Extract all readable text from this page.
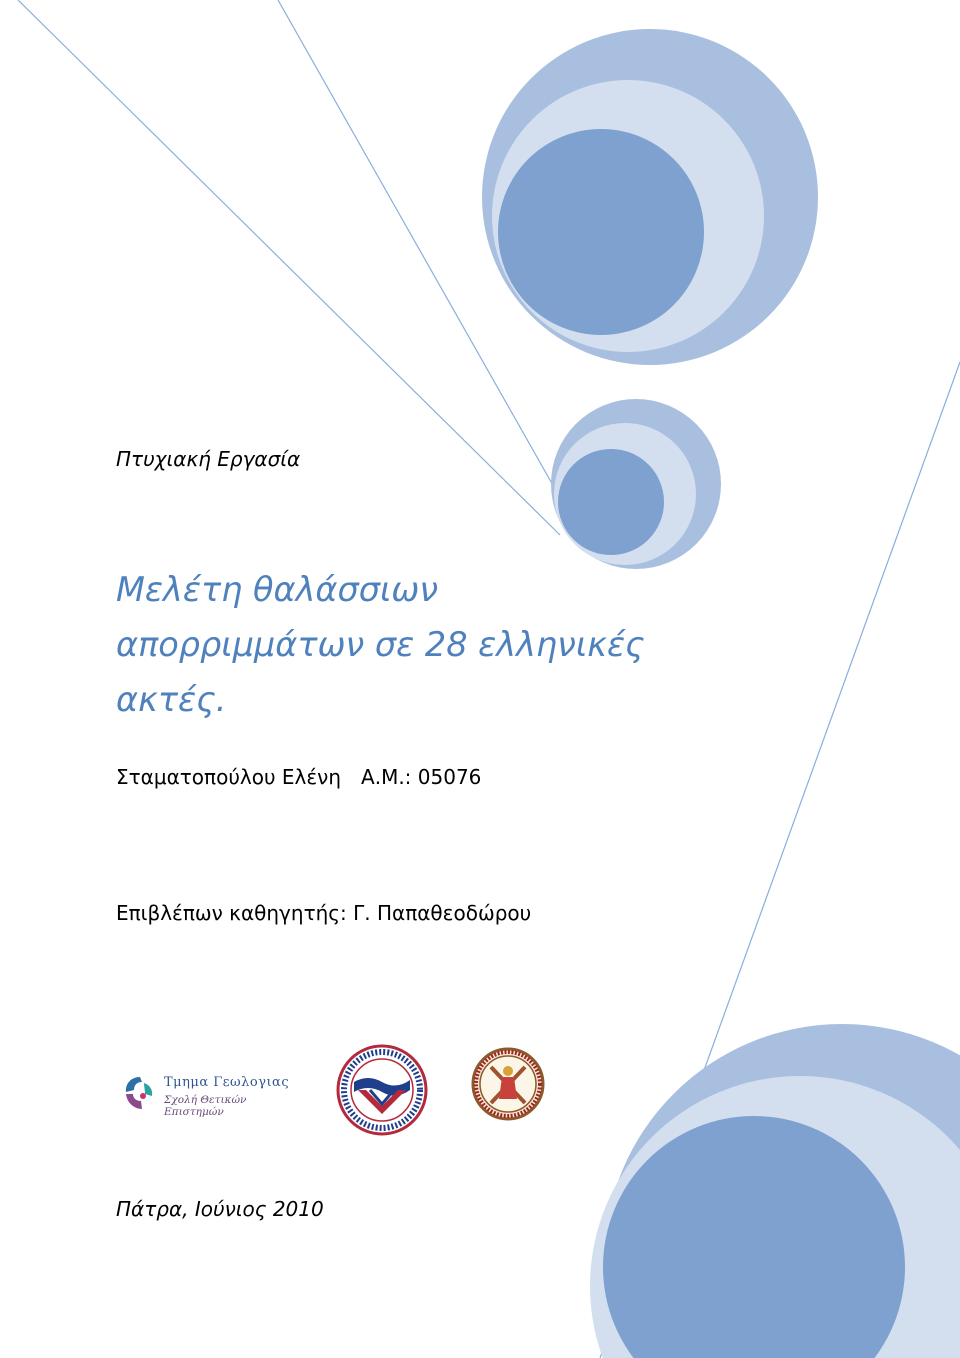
Πτυχιακή Εργασία
Μελέτη θαλάσσιων
απορριμμάτων σε 28 ελληνικές
ακτές.
Σταματοπούλου Ελένη Α.Μ.: 05076
Επιβλέπων καθηγητής: Γ. Παπαθεοδώρου
Τμημα Γεωλογιας
Σχολή Θετικών Επιστημών
Πάτρα, Ιούνιος 2010
